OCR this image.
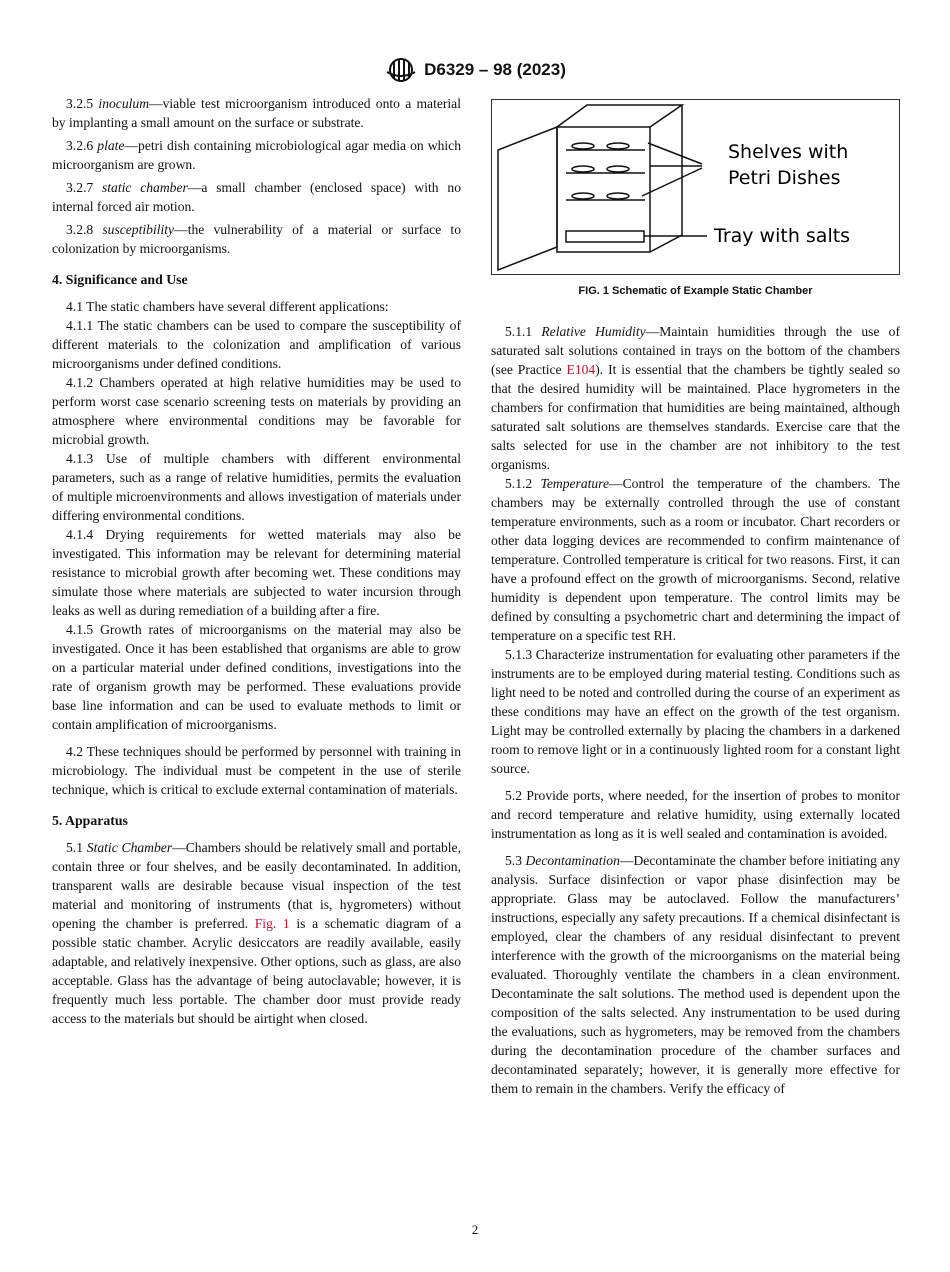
D6329 – 98 (2023)

3.2.5 inoculum—viable test microorganism introduced onto a material by implanting a small amount on the surface or substrate.

3.2.6 plate—petri dish containing microbiological agar media on which microorganism are grown.

3.2.7 static chamber—a small chamber (enclosed space) with no internal forced air motion.

3.2.8 susceptibility—the vulnerability of a material or surface to colonization by microorganisms.

4. Significance and Use

4.1 The static chambers have several different applications:

4.1.1 The static chambers can be used to compare the susceptibility of different materials to the colonization and amplification of various microorganisms under defined conditions.

4.1.2 Chambers operated at high relative humidities may be used to perform worst case scenario screening tests on materials by providing an atmosphere where environmental conditions may be favorable for microbial growth.

4.1.3 Use of multiple chambers with different environmental parameters, such as a range of relative humidities, permits the evaluation of multiple microenvironments and allows investigation of materials under differing environmental conditions.

4.1.4 Drying requirements for wetted materials may also be investigated. This information may be relevant for determining material resistance to microbial growth after becoming wet. These conditions may simulate those where materials are subjected to water incursion through leaks as well as during remediation of a building after a fire.

4.1.5 Growth rates of microorganisms on the material may also be investigated. Once it has been established that organisms are able to grow on a particular material under defined conditions, investigations into the rate of organism growth may be performed. These evaluations provide base line information and can be used to evaluate methods to limit or contain amplification of microorganisms.

4.2 These techniques should be performed by personnel with training in microbiology. The individual must be competent in the use of sterile technique, which is critical to exclude external contamination of materials.

5. Apparatus

5.1 Static Chamber—Chambers should be relatively small and portable, contain three or four shelves, and be easily decontaminated. In addition, transparent walls are desirable because visual inspection of the test material and monitoring of instruments (that is, hygrometers) without opening the chamber is preferred. Fig. 1 is a schematic diagram of a possible static chamber. Acrylic desiccators are readily available, easily adaptable, and relatively inexpensive. Other options, such as glass, are also acceptable. Glass has the advantage of being autoclavable; however, it is frequently much less portable. The chamber door must provide ready access to the materials but should be airtight when closed.

Shelves with
Petri Dishes
Tray with salts
FIG. 1 Schematic of Example Static Chamber

5.1.1 Relative Humidity—Maintain humidities through the use of saturated salt solutions contained in trays on the bottom of the chambers (see Practice E104). It is essential that the chambers be tightly sealed so that the desired humidity will be maintained. Place hygrometers in the chambers for confirmation that humidities are being maintained, although saturated salt solutions are themselves standards. Exercise care that the salts selected for use in the chamber are not inhibitory to the test organisms.

5.1.2 Temperature—Control the temperature of the chambers. The chambers may be externally controlled through the use of constant temperature environments, such as a room or incubator. Chart recorders or other data logging devices are recommended to confirm maintenance of temperature. Controlled temperature is critical for two reasons. First, it can have a profound effect on the growth of microorganisms. Second, relative humidity is dependent upon temperature. The control limits may be defined by consulting a psychometric chart and determining the impact of temperature on a specific test RH.

5.1.3 Characterize instrumentation for evaluating other parameters if the instruments are to be employed during material testing. Conditions such as light need to be noted and controlled during the course of an experiment as these conditions may have an effect on the growth of the test organism. Light may be controlled externally by placing the chambers in a darkened room to remove light or in a continuously lighted room for a constant light source.

5.2 Provide ports, where needed, for the insertion of probes to monitor and record temperature and relative humidity, using externally located instrumentation as long as it is well sealed and contamination is avoided.

5.3 Decontamination—Decontaminate the chamber before initiating any analysis. Surface disinfection or vapor phase disinfection may be appropriate. Glass may be autoclaved. Follow the manufacturers’ instructions, especially any safety precautions. If a chemical disinfectant is employed, clear the chambers of any residual disinfectant to prevent interference with the growth of the microorganisms on the material being evaluated. Thoroughly ventilate the chambers in a clean environment. Decontaminate the salt solutions. The method used is dependent upon the composition of the salts selected. Any instrumentation to be used during the evaluations, such as hygrometers, may be removed from the chambers during the decontamination procedure of the chamber surfaces and decontaminated separately; however, it is generally more effective for them to remain in the chambers. Verify the efficacy of

2
